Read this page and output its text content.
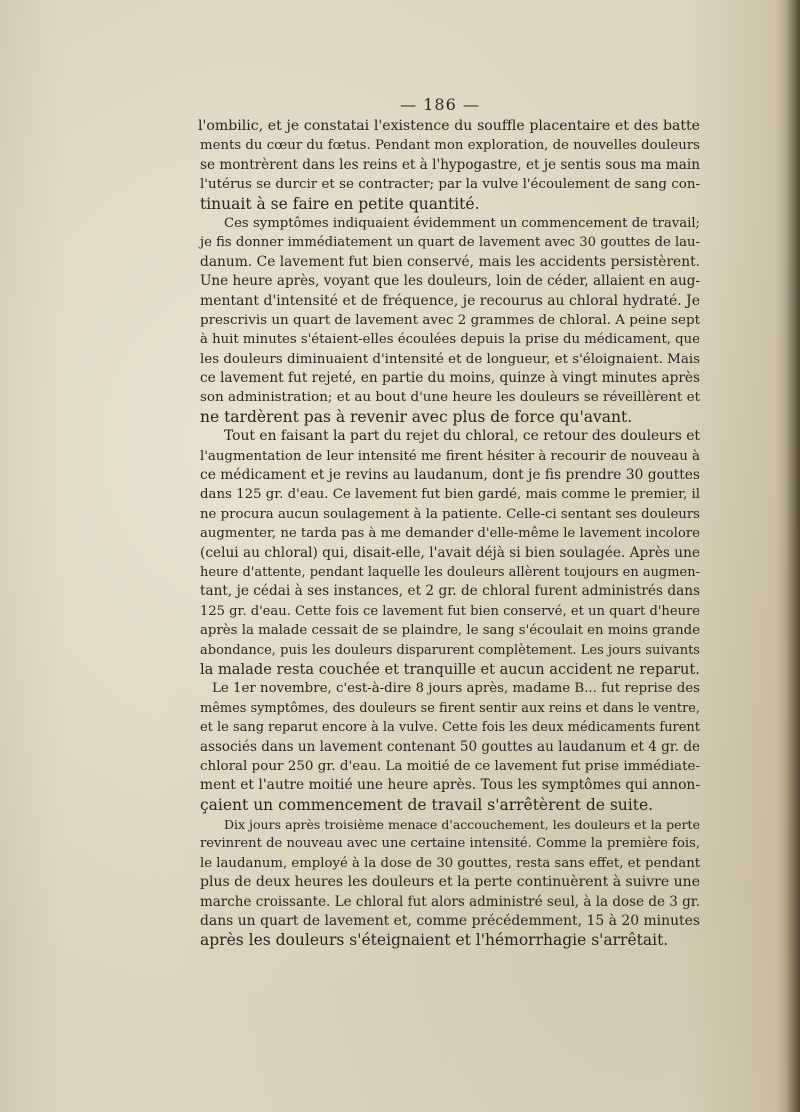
— 186 —
l'ombilic, et je constatai l'existence du souffle placentaire et des batte
ments du cœur du fœtus. Pendant mon exploration, de nouvelles douleurs
se montrèrent dans les reins et à l'hypogastre, et je sentis sous ma main
l'utérus se durcir et se contracter; par la vulve l'écoulement de sang con-
tinuait à se faire en petite quantité.
Ces symptômes indiquaient évidemment un commencement de travail;
je fis donner immédiatement un quart de lavement avec 30 gouttes de lau-
danum. Ce lavement fut bien conservé, mais les accidents persistèrent.
Une heure après, voyant que les douleurs, loin de céder, allaient en aug-
mentant d'intensité et de fréquence, je recourus au chloral hydraté. Je
prescrivis un quart de lavement avec 2 grammes de chloral. A peine sept
à huit minutes s'étaient-elles écoulées depuis la prise du médicament, que
les douleurs diminuaient d'intensité et de longueur, et s'éloignaient. Mais
ce lavement fut rejeté, en partie du moins, quinze à vingt minutes après
son administration; et au bout d'une heure les douleurs se réveillèrent et
ne tardèrent pas à revenir avec plus de force qu'avant.
Tout en faisant la part du rejet du chloral, ce retour des douleurs et
l'augmentation de leur intensité me firent hésiter à recourir de nouveau à
ce médicament et je revins au laudanum, dont je fis prendre 30 gouttes
dans 125 gr. d'eau. Ce lavement fut bien gardé, mais comme le premier, il
ne procura aucun soulagement à la patiente. Celle-ci sentant ses douleurs
augmenter, ne tarda pas à me demander d'elle-même le lavement incolore
(celui au chloral) qui, disait-elle, l'avait déjà si bien soulagée. Après une
heure d'attente, pendant laquelle les douleurs allèrent toujours en augmen-
tant, je cédai à ses instances, et 2 gr. de chloral furent administrés dans
125 gr. d'eau. Cette fois ce lavement fut bien conservé, et un quart d'heure
après la malade cessait de se plaindre, le sang s'écoulait en moins grande
abondance, puis les douleurs disparurent complètement. Les jours suivants
la malade resta couchée et tranquille et aucun accident ne reparut.
Le 1er novembre, c'est-à-dire 8 jours après, madame B... fut reprise des
mêmes symptômes, des douleurs se firent sentir aux reins et dans le ventre,
et le sang reparut encore à la vulve. Cette fois les deux médicaments furent
associés dans un lavement contenant 50 gouttes au laudanum et 4 gr. de
chloral pour 250 gr. d'eau. La moitié de ce lavement fut prise immédiate-
ment et l'autre moitié une heure après. Tous les symptômes qui annon-
çaient un commencement de travail s'arrêtèrent de suite.
Dix jours après troisième menace d'accouchement, les douleurs et la perte
revinrent de nouveau avec une certaine intensité. Comme la première fois,
le laudanum, employé à la dose de 30 gouttes, resta sans effet, et pendant
plus de deux heures les douleurs et la perte continuèrent à suivre une
marche croissante. Le chloral fut alors administré seul, à la dose de 3 gr.
dans un quart de lavement et, comme précédemment, 15 à 20 minutes
après les douleurs s'éteignaient et l'hémorrhagie s'arrêtait.
